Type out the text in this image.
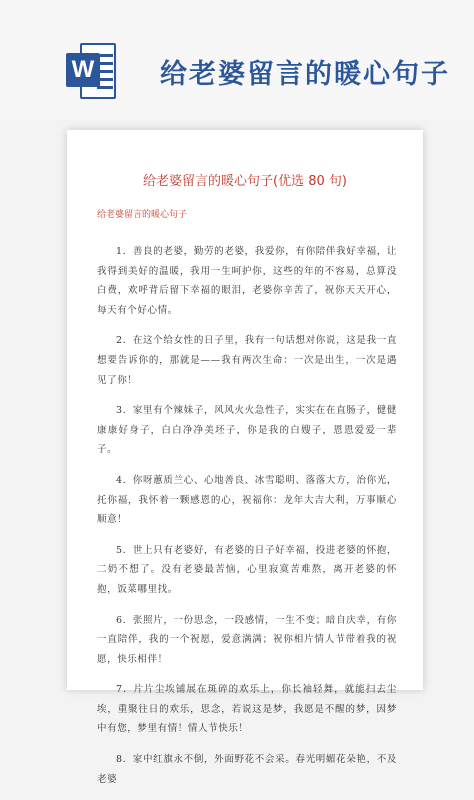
W 给老婆留言的暖心句子
给老婆留言的暖心句子(优选 80 句)
给老婆留言的暖心句子

1．善良的老婆，勤劳的老婆，我爱你，有你陪伴我好幸福，让我得到美好的温暖，我用一生呵护你，这些的年的不容易，总算没白费，欢呼背后留下幸福的眼泪，老婆你辛苦了，祝你天天开心，每天有个好心情。

2．在这个给女性的日子里，我有一句话想对你说，这是我一直想要告诉你的，那就是——我有两次生命：一次是出生，一次是遇见了你！

3．家里有个辣妹子，风风火火急性子，实实在在直肠子，健健康康好身子，白白净净美坯子，你是我的白嫂子，恩恩爱爱一辈子。

4．你呀蕙质兰心、心地善良、冰雪聪明、落落大方，治你光，托你福，我怀着一颗感恩的心，祝福你：龙年大吉大利，万事顺心顺意！

5．世上只有老婆好，有老婆的日子好幸福，投进老婆的怀抱，二奶不想了。没有老婆最苦恼，心里寂寞苦难熬，离开老婆的怀抱，饭菜哪里找。

6．张照片，一份思念，一段感情，一生不变；暗自庆幸，有你一直陪伴，我的一个祝愿，爱意满满；祝你相片情人节带着我的祝愿，快乐相伴！

7．片片尘埃铺展在斑碎的欢乐上，你长袖轻舞，就能扫去尘埃，重聚往日的欢乐，思念，若说这是梦，我愿是不醒的梦，因梦中有您，梦里有情！情人节快乐！

8．家中红旗永不倒，外面野花不会采。春光明媚花朵艳，不及老婆
